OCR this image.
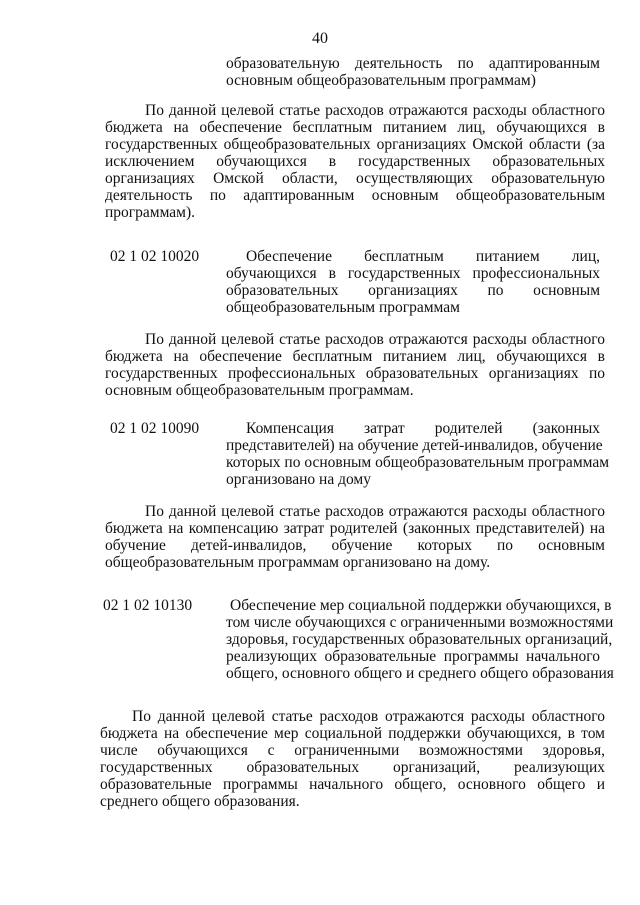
40
образовательную деятельность по адаптированным
основным общеобразовательным программам)
По данной целевой статье расходов отражаются расходы областного
бюджета на обеспечение бесплатным питанием лиц, обучающихся в
государственных общеобразовательных организациях Омской области (за
исключением обучающихся в государственных образовательных
организациях Омской области, осуществляющих образовательную
деятельность по адаптированным основным общеобразовательным
программам).
02 1 02 10020	Обеспечение бесплатным питанием лиц,
обучающихся в государственных профессиональных
образовательных организациях по основным
общеобразовательным программам
По данной целевой статье расходов отражаются расходы областного
бюджета на обеспечение бесплатным питанием лиц, обучающихся в
государственных профессиональных образовательных организациях по
основным общеобразовательным программам.
02 1 02 10090	Компенсация затрат родителей (законных
представителей) на обучение детей-инвалидов, обучение
которых по основным общеобразовательным программам
организовано на дому
По данной целевой статье расходов отражаются расходы областного
бюджета на компенсацию затрат родителей (законных представителей) на
обучение детей-инвалидов, обучение которых по основным
общеобразовательным программам организовано на дому.
02 1 02 10130 Обеспечение мер социальной поддержки обучающихся, в
том числе обучающихся с ограниченными возможностями
здоровья, государственных образовательных организаций,
реализующих образовательные программы начального
общего, основного общего и среднего общего образования
По данной целевой статье расходов отражаются расходы областного
бюджета на обеспечение мер социальной поддержки обучающихся, в том
числе обучающихся с ограниченными возможностями здоровья,
государственных образовательных организаций, реализующих
образовательные программы начального общего, основного общего и
среднего общего образования.
